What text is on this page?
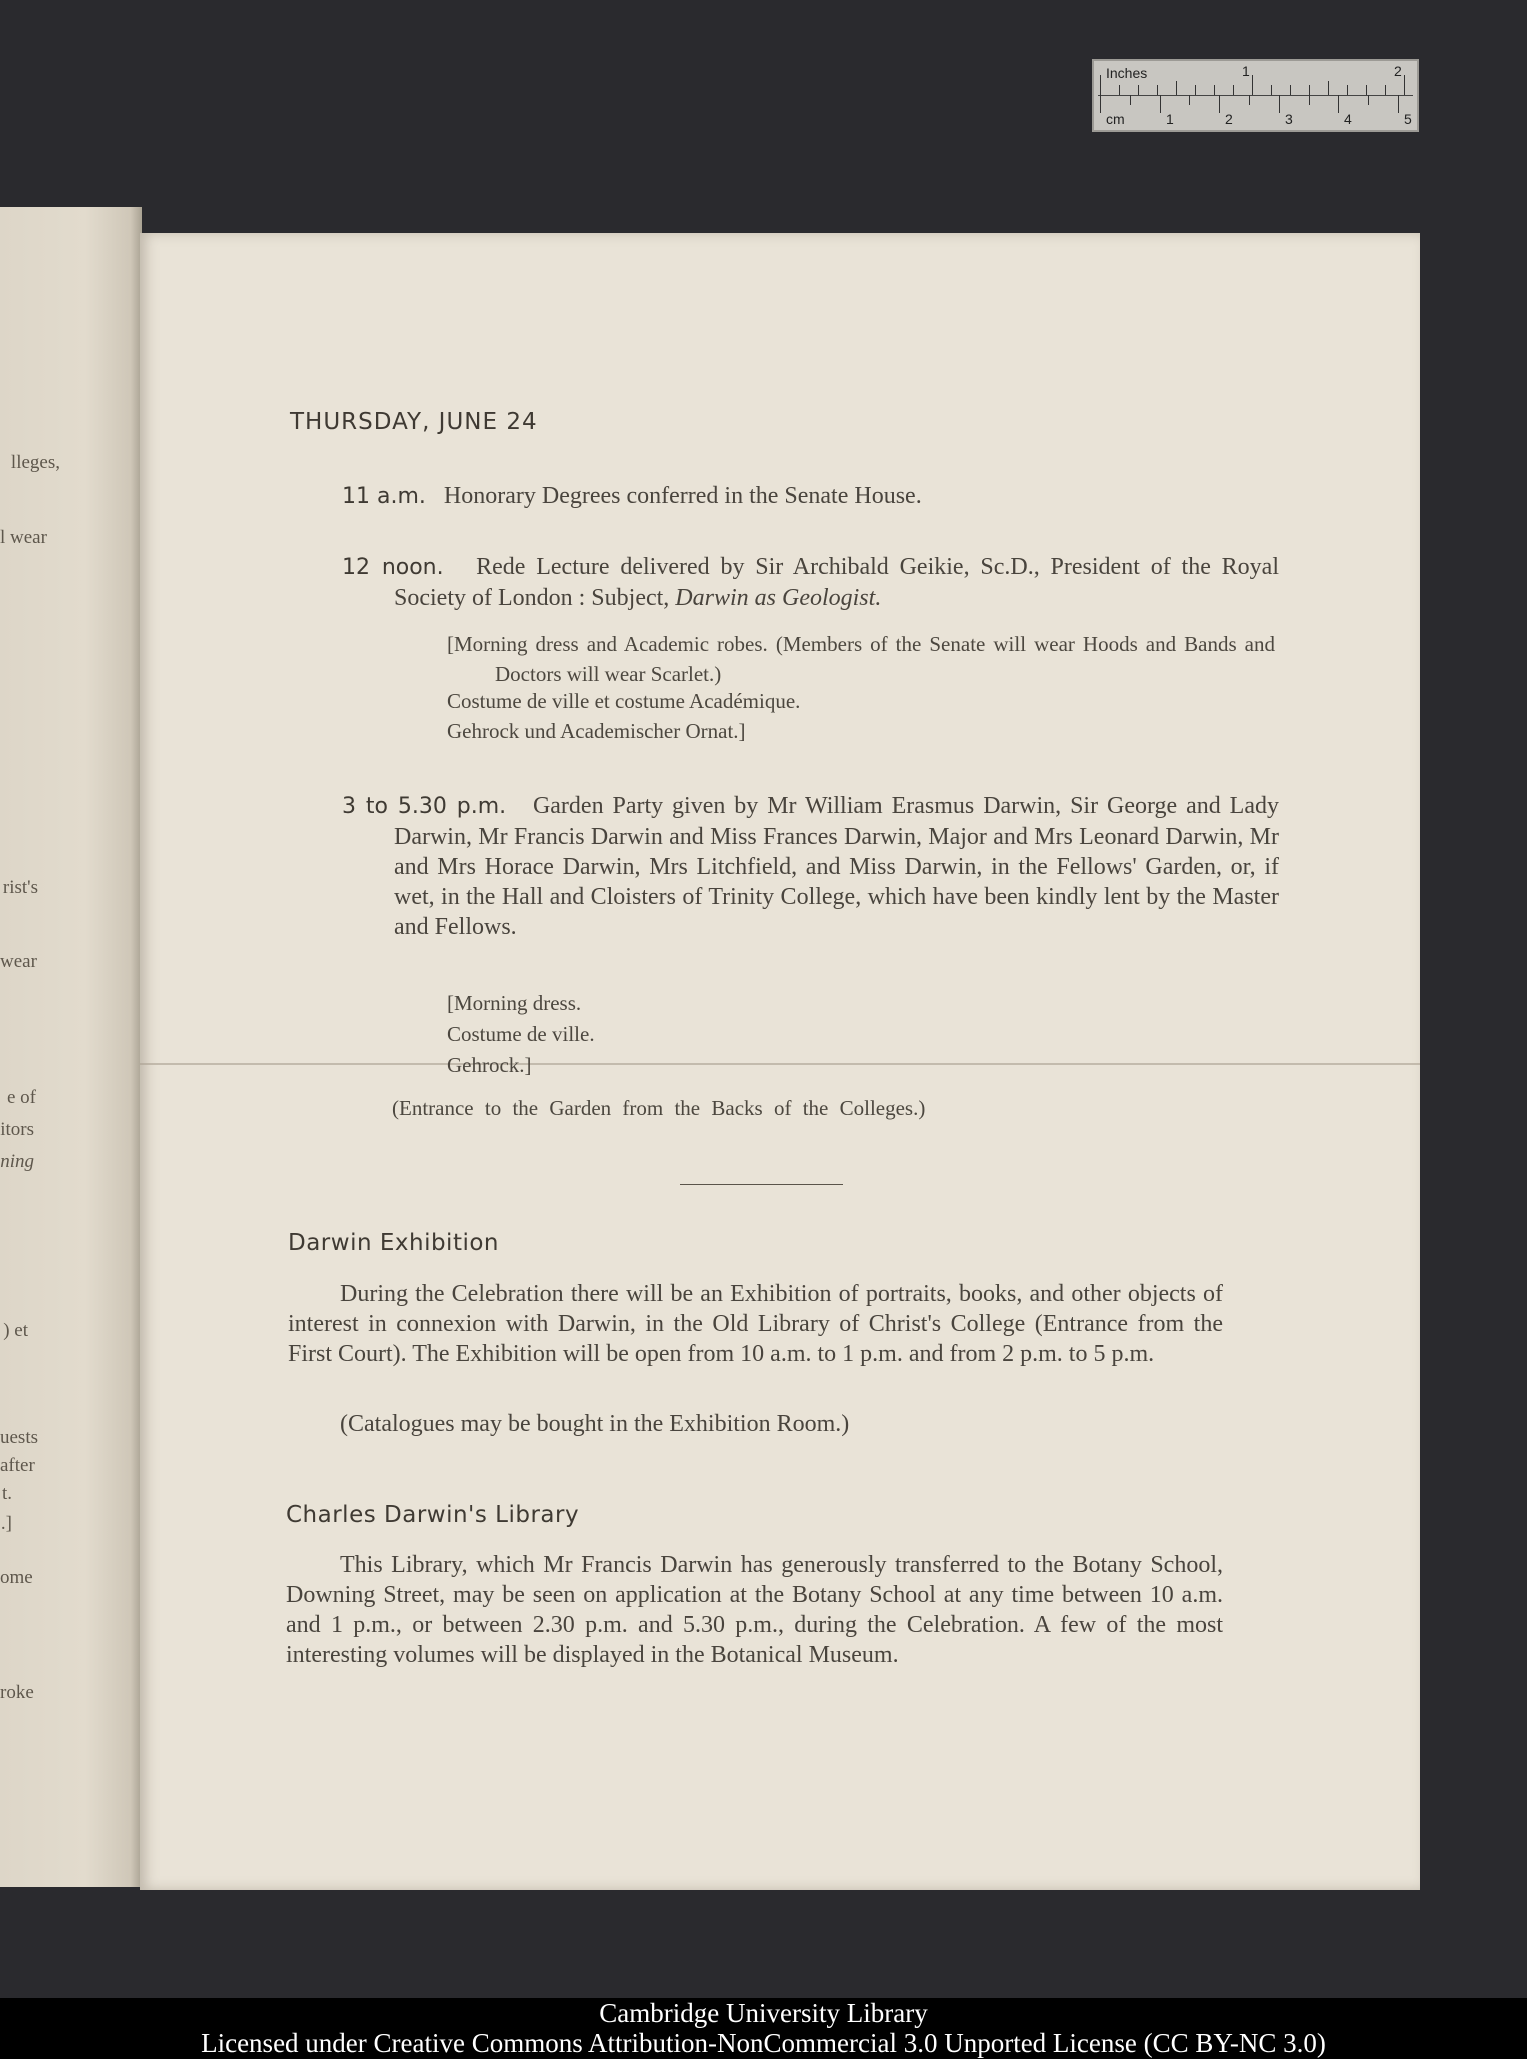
lleges,
l wear
rist's
wear
e of
itors
ning
) et
uests
after
t.
.]
ome
roke
Inches	1	2
cm	1	2	3	4	5
THURSDAY, JUNE 24
11 a.m. Honorary Degrees conferred in the Senate House.
12 noon. Rede Lecture delivered by Sir Archibald Geikie, Sc.D., President of the Royal Society of London : Subject, Darwin as Geologist.
[Morning dress and Academic robes. (Members of the Senate will wear Hoods and Bands and Doctors will wear Scarlet.)
Costume de ville et costume Académique.
Gehrock und Academischer Ornat.]
3 to 5.30 p.m. Garden Party given by Mr William Erasmus Darwin, Sir George and Lady Darwin, Mr Francis Darwin and Miss Frances Darwin, Major and Mrs Leonard Darwin, Mr and Mrs Horace Darwin, Mrs Litchfield, and Miss Darwin, in the Fellows' Garden, or, if wet, in the Hall and Cloisters of Trinity College, which have been kindly lent by the Master and Fellows.
[Morning dress.
Costume de ville.
Gehrock.]
(Entrance to the Garden from the Backs of the Colleges.)
Darwin Exhibition
During the Celebration there will be an Exhibition of portraits, books, and other objects of interest in connexion with Darwin, in the Old Library of Christ's College (Entrance from the First Court). The Exhibition will be open from 10 a.m. to 1 p.m. and from 2 p.m. to 5 p.m.
(Catalogues may be bought in the Exhibition Room.)
Charles Darwin's Library
This Library, which Mr Francis Darwin has generously transferred to the Botany School, Downing Street, may be seen on application at the Botany School at any time between 10 a.m. and 1 p.m., or between 2.30 p.m. and 5.30 p.m., during the Celebration. A few of the most interesting volumes will be displayed in the Botanical Museum.
Cambridge University Library
Licensed under Creative Commons Attribution-NonCommercial 3.0 Unported License (CC BY-NC 3.0)
